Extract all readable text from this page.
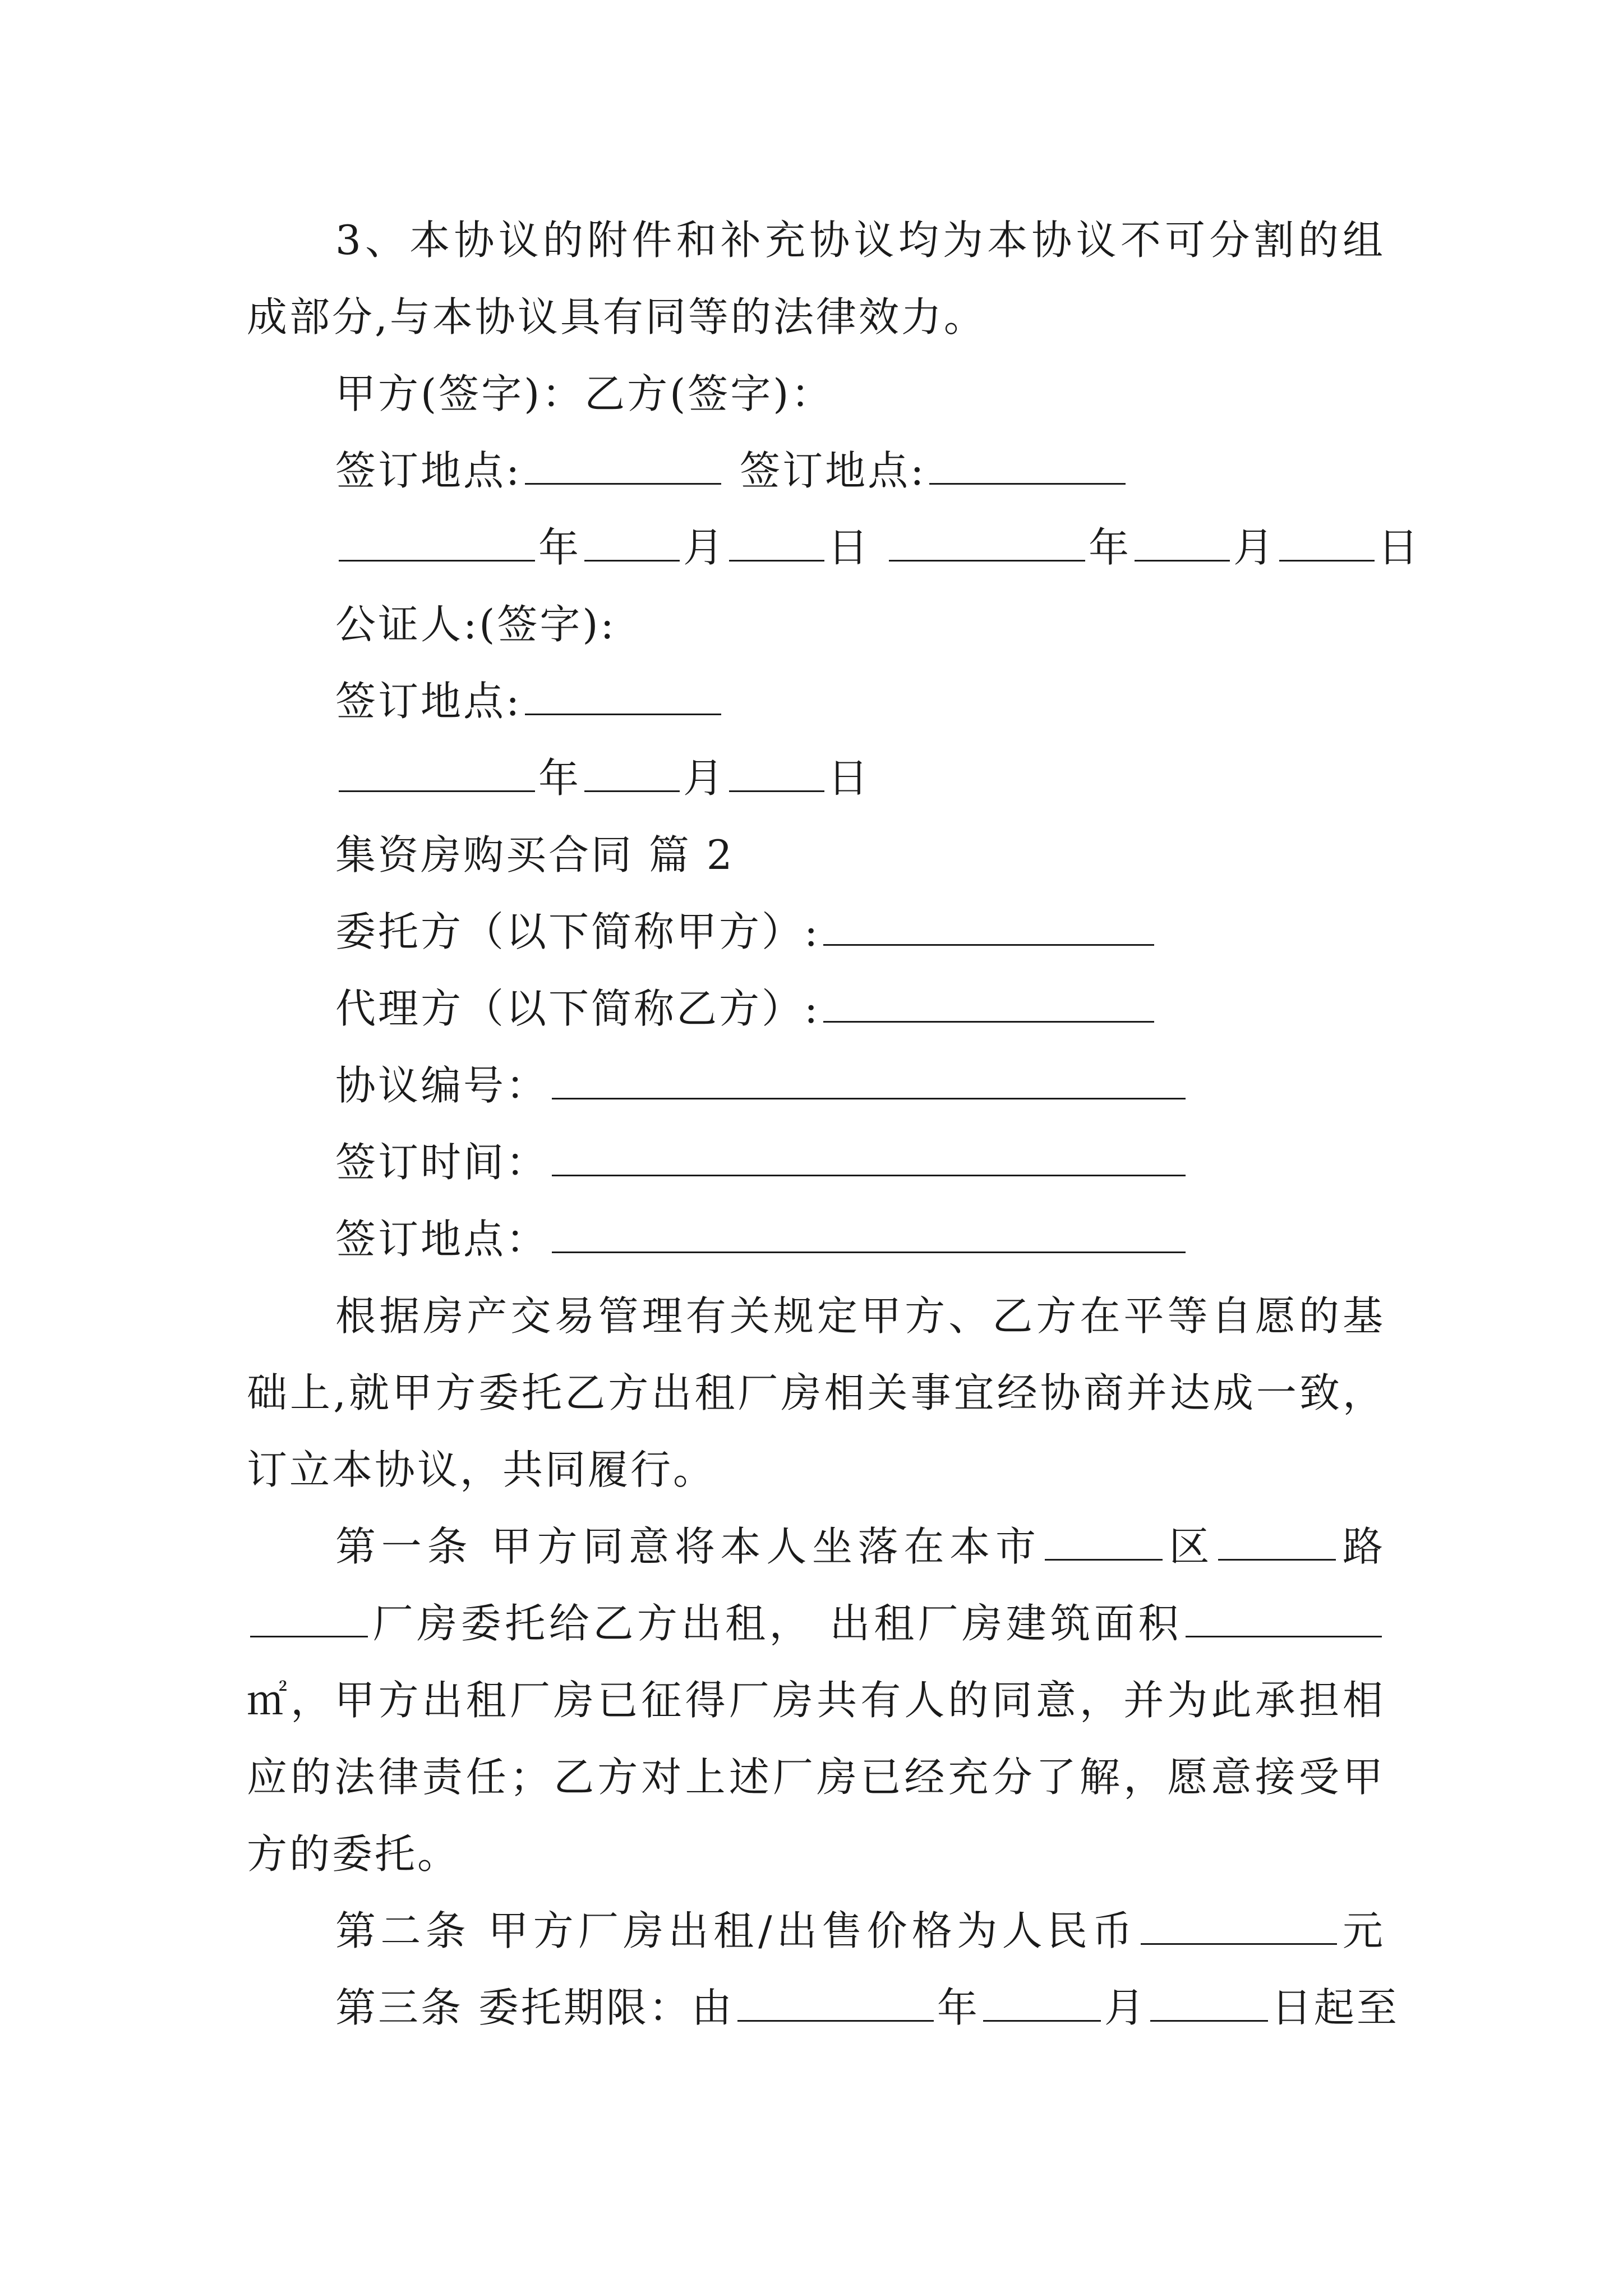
3、本协议的附件和补充协议均为本协议不可分割的组
成部分,与本协议具有同等的法律效力。
甲方(签字)：乙方(签字)：
签订地点:	签订地点:
年	月	日	年	月	日
公证人:(签字):
签订地点:
年	月	日
集资房购买合同 篇 2
委托方（以下简称甲方）:
代理方（以下简称乙方）:
协议编号：
签订时间：
签订地点：
根据房产交易管理有关规定甲方、乙方在平等自愿的基
础上,就甲方委托乙方出租厂房相关事宜经协商并达成一致，
订立本协议，共同履行。
第一条 甲方同意将本人坐落在本市	区	路
厂房委托给乙方出租， 出租厂房建筑面积
㎡，甲方出租厂房已征得厂房共有人的同意，并为此承担相
应的法律责任；乙方对上述厂房已经充分了解，愿意接受甲
方的委托。
第二条 甲方厂房出租/出售价格为人民币	元
第三条 委托期限：由	年	月	日起至
